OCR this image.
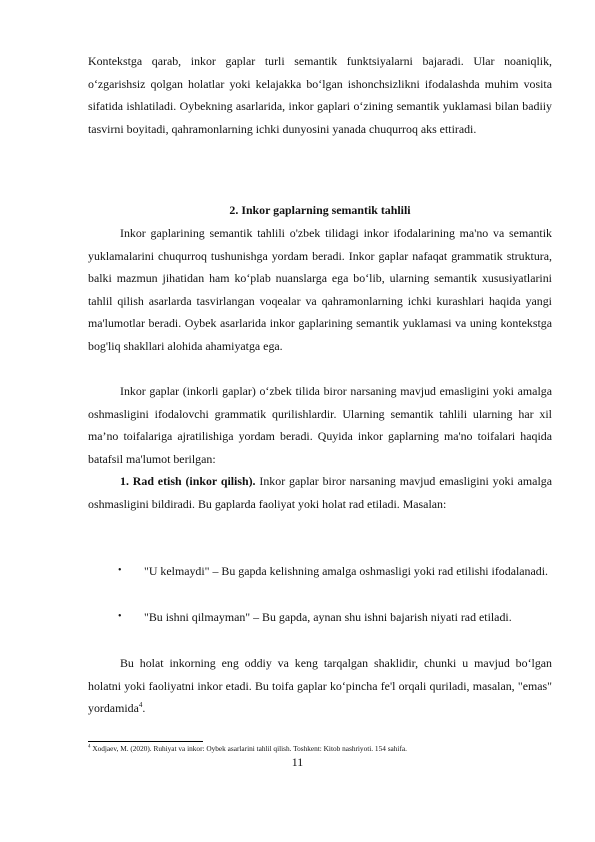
Kontekstga qarab, inkor gaplar turli semantik funktsiyalarni bajaradi. Ular noaniqlik, o‘zgarishsiz qolgan holatlar yoki kelajakka bo‘lgan ishonchsizlikni ifodalashda muhim vosita sifatida ishlatiladi. Oybekning asarlarida, inkor gaplari o‘zining semantik yuklamasi bilan badiiy tasvirni boyitadi, qahramonlarning ichki dunyosini yanada chuqurroq aks ettiradi.

2. Inkor gaplarning semantik tahlili

Inkor gaplarining semantik tahlili o'zbek tilidagi inkor ifodalarining ma'no va semantik yuklamalarini chuqurroq tushunishga yordam beradi. Inkor gaplar nafaqat grammatik struktura, balki mazmun jihatidan ham ko‘plab nuanslarga ega bo‘lib, ularning semantik xususiyatlarini tahlil qilish asarlarda tasvirlangan voqealar va qahramonlarning ichki kurashlari haqida yangi ma'lumotlar beradi. Oybek asarlarida inkor gaplarining semantik yuklamasi va uning kontekstga bog'liq shakllari alohida ahamiyatga ega.

Inkor gaplar (inkorli gaplar) o‘zbek tilida biror narsaning mavjud emasligini yoki amalga oshmasligini ifodalovchi grammatik qurilishlardir. Ularning semantik tahlili ularning har xil ma’no toifalariga ajratilishiga yordam beradi. Quyida inkor gaplarning ma'no toifalari haqida batafsil ma'lumot berilgan:

1. Rad etish (inkor qilish). Inkor gaplar biror narsaning mavjud emasligini yoki amalga oshmasligini bildiradi. Bu gaplarda faoliyat yoki holat rad etiladi. Masalan:

• "U kelmaydi" – Bu gapda kelishning amalga oshmasligi yoki rad etilishi ifodalanadi.

• "Bu ishni qilmayman" – Bu gapda, aynan shu ishni bajarish niyati rad etiladi.

Bu holat inkorning eng oddiy va keng tarqalgan shaklidir, chunki u mavjud bo‘lgan holatni yoki faoliyatni inkor etadi. Bu toifa gaplar ko‘pincha fe'l orqali quriladi, masalan, "emas" yordamida$^4$.

$^4$ Xodjaev, M. (2020). Ruhiyat va inkor: Oybek asarlarini tahlil qilish. Toshkent: Kitob nashriyoti. 154 sahifa.

11
